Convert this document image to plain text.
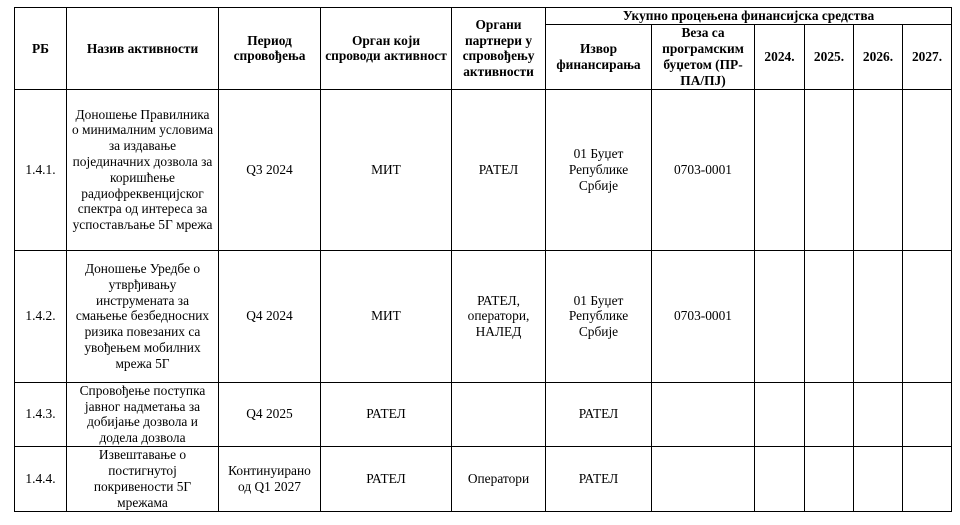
РБ	Назив активности	Период спровођења	Орган који спроводи активност	Органи партнери у спровођењу активности	Укупно процењена финансијска средства					
					Извор финансирања	Веза са програмским буџетом (ПР-ПА/ПЈ)	2024.	2025.	2026.	2027.
1.4.1.	Доношење Правилника о минималним условима за издавање појединачних дозвола за коришћење радиофреквенцијског спектра од интереса за успостављање 5Г мрежа	Q3 2024	МИТ	РАТЕЛ	01 Буџет Републике Србије	0703-0001				
1.4.2.	Доношење Уредбе о утврђивању инструмената за смањење безбедносних ризика повезаних са увођењем мобилних мрежа 5Г	Q4 2024	МИТ	РАТЕЛ, оператори, НАЛЕД	01 Буџет Републике Србије	0703-0001				
1.4.3.	Спровођење поступка јавног надметања за добијање дозвола и додела дозвола	Q4 2025	РАТЕЛ		РАТЕЛ					
1.4.4.	Извештавање о постигнутој покривености 5Г мрежама	Континуирано од Q1 2027	РАТЕЛ	Оператори	РАТЕЛ					
